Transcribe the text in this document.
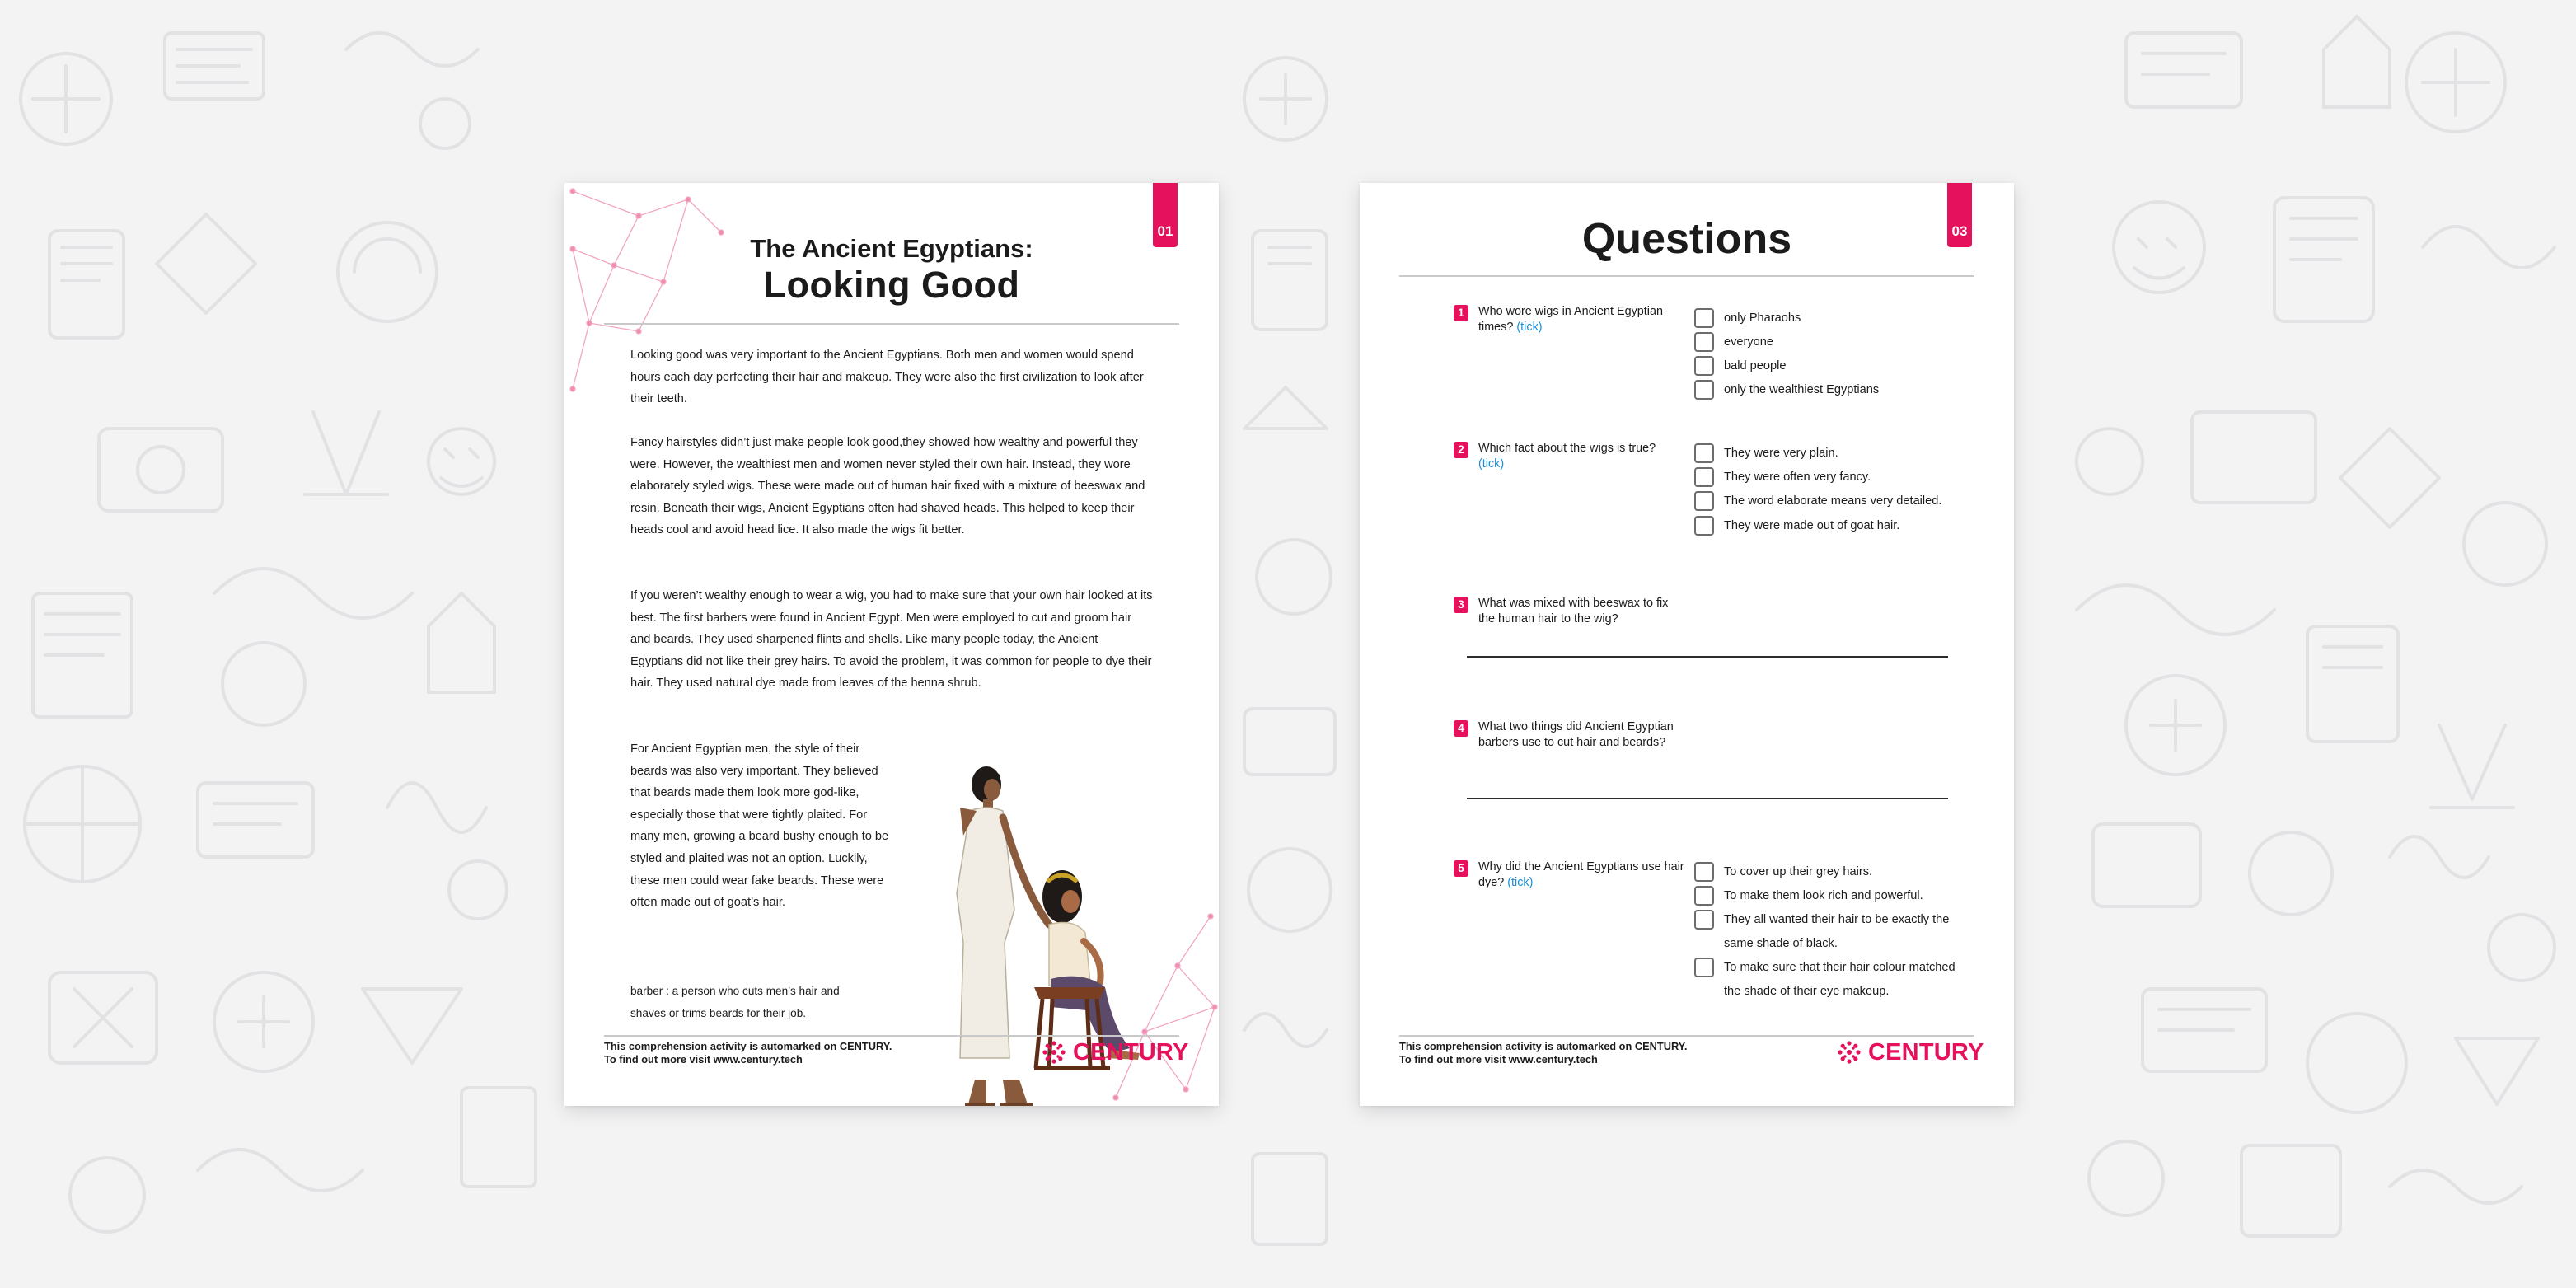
01
The Ancient Egyptians:
Looking Good
Looking good was very important to the Ancient Egyptians. Both men and women would spend hours each day perfecting their hair and makeup. They were also the first civilization to look after their teeth.
Fancy hairstyles didn’t just make people look good,they showed how wealthy and powerful they were. However, the wealthiest men and women never styled their own hair. Instead, they wore elaborately styled wigs. These were made out of human hair fixed with a mixture of beeswax and resin. Beneath their wigs, Ancient Egyptians often had shaved heads. This helped to keep their heads cool and avoid head lice. It also made the wigs fit better.
If you weren’t wealthy enough to wear a wig, you had to make sure that your own hair looked at its best. The first barbers were found in Ancient Egypt. Men were employed to cut and groom hair and beards. They used sharpened flints and shells. Like many people today, the Ancient Egyptians did not like their grey hairs. To avoid the problem, it was common for people to dye their hair. They used natural dye made from leaves of the henna shrub.
For Ancient Egyptian men, the style of their beards was also very important. They believed that beards made them look more god-like, especially those that were tightly plaited. For many men, growing a beard bushy enough to be styled and plaited was not an option. Luckily, these men could wear fake beards. These were often made out of goat’s hair.
barber : a person who cuts men’s hair and shaves or trims beards for their job.
This comprehension activity is automarked on CENTURY.
To find out more visit www.century.tech	CENTURY
03
Questions
1	Who wore wigs in Ancient Egyptian times? (tick)
only Pharaohs
everyone
bald people
only the wealthiest Egyptians
2	Which fact about the wigs is true? (tick)
They were very plain.
They were often very fancy.
The word elaborate means very detailed.
They were made out of goat hair.
3	What was mixed with beeswax to fix the human hair to the wig?
4	What two things did Ancient Egyptian barbers use to cut hair and beards?
5	Why did the Ancient Egyptians use hair dye? (tick)
To cover up their grey hairs.
To make them look rich and powerful.
They all wanted their hair to be exactly the same shade of black.
To make sure that their hair colour matched the shade of their eye makeup.
This comprehension activity is automarked on CENTURY.
To find out more visit www.century.tech	CENTURY
